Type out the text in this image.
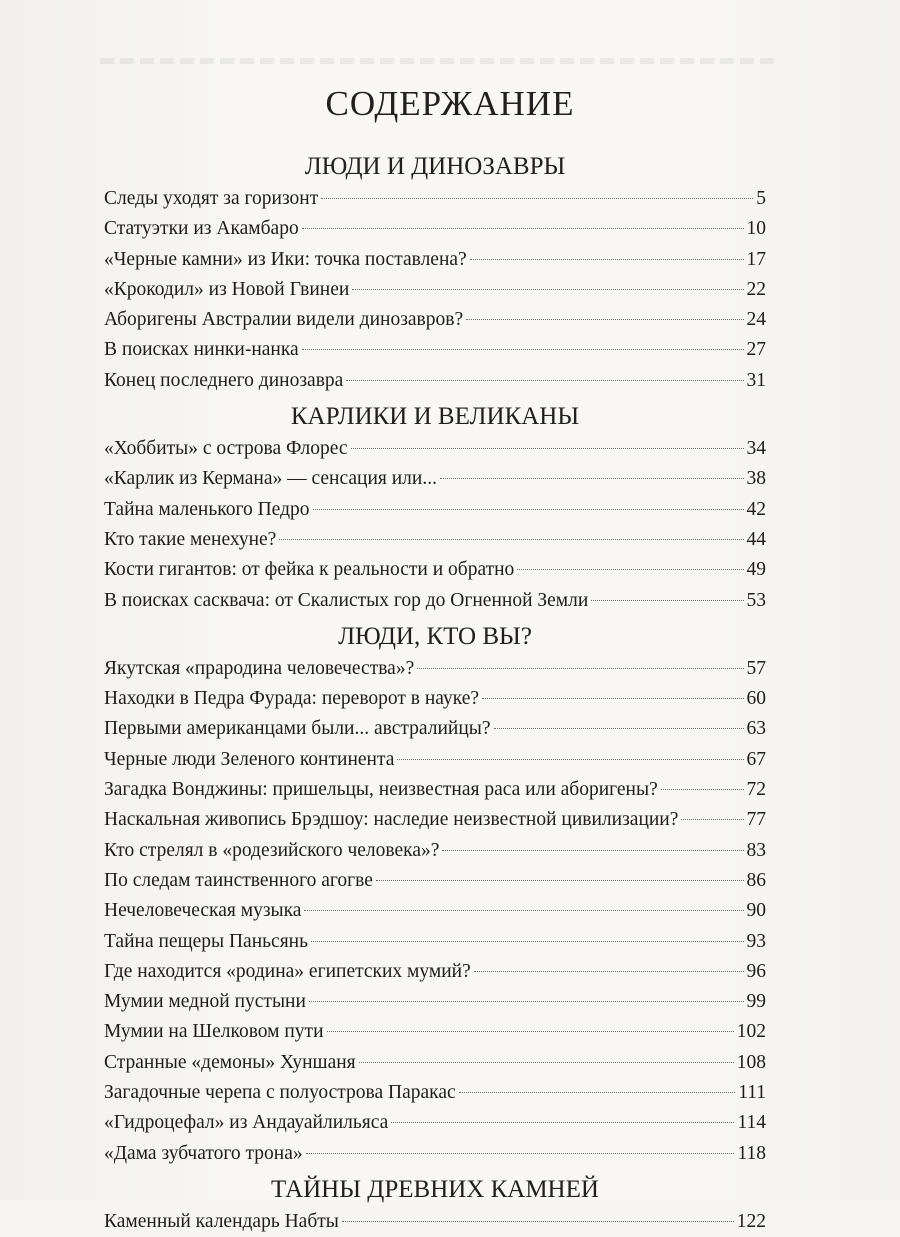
СОДЕРЖАНИЕ
ЛЮДИ И ДИНОЗАВРЫ
Следы уходят за горизонт	5
Статуэтки из Акамбаро	10
«Черные камни» из Ики: точка поставлена?	17
«Крокодил» из Новой Гвинеи	22
Аборигены Австралии видели динозавров?	24
В поисках нинки-нанка	27
Конец последнего динозавра	31
КАРЛИКИ И ВЕЛИКАНЫ
«Хоббиты» с острова Флорес	34
«Карлик из Кермана» — сенсация или...	38
Тайна маленького Педро	42
Кто такие менехуне?	44
Кости гигантов: от фейка к реальности и обратно	49
В поисках сасквача: от Скалистых гор до Огненной Земли	53
ЛЮДИ, КТО ВЫ?
Якутская «прародина человечества»?	57
Находки в Педра Фурада: переворот в науке?	60
Первыми американцами были... австралийцы?	63
Черные люди Зеленого континента	67
Загадка Вонджины: пришельцы, неизвестная раса или аборигены?	72
Наскальная живопись Брэдшоу: наследие неизвестной цивилизации?	77
Кто стрелял в «родезийского человека»?	83
По следам таинственного агогве	86
Нечеловеческая музыка	90
Тайна пещеры Паньсянь	93
Где находится «родина» египетских мумий?	96
Мумии медной пустыни	99
Мумии на Шелковом пути	102
Странные «демоны» Хуншаня	108
Загадочные черепа с полуострова Паракас	111
«Гидроцефал» из Андауайлильяса	114
«Дама зубчатого трона»	118
ТАЙНЫ ДРЕВНИХ КАМНЕЙ
Каменный календарь Набты	122
